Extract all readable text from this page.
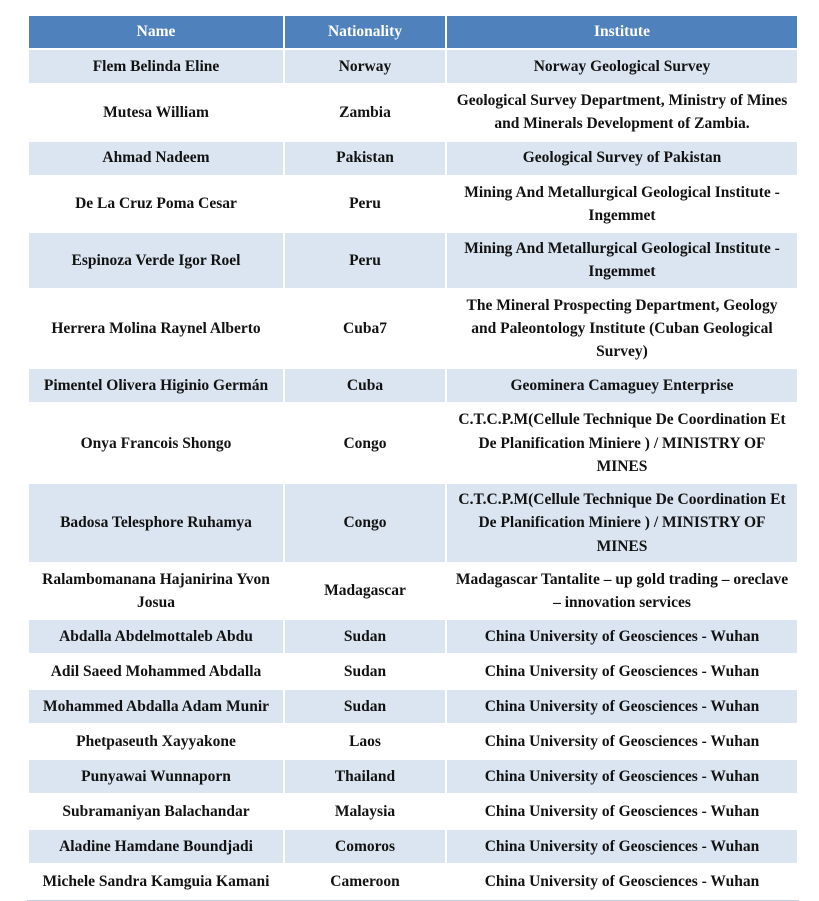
Name	Nationality	Institute
Flem Belinda Eline	Norway	Norway Geological Survey
Mutesa William	Zambia	Geological Survey Department, Ministry of Mines and Minerals Development of Zambia.
Ahmad Nadeem	Pakistan	Geological Survey of Pakistan
De La Cruz Poma Cesar	Peru	Mining And Metallurgical Geological Institute - Ingemmet
Espinoza Verde Igor Roel	Peru	Mining And Metallurgical Geological Institute - Ingemmet
Herrera Molina Raynel Alberto	Cuba7	The Mineral Prospecting Department, Geology and Paleontology Institute (Cuban Geological Survey)
Pimentel Olivera Higinio Germán	Cuba	Geominera Camaguey Enterprise
Onya Francois Shongo	Congo	C.T.C.P.M(Cellule Technique De Coordination Et De Planification Miniere ) / MINISTRY OF MINES
Badosa Telesphore Ruhamya	Congo	C.T.C.P.M(Cellule Technique De Coordination Et De Planification Miniere ) / MINISTRY OF MINES
Ralambomanana Hajanirina Yvon Josua	Madagascar	Madagascar Tantalite – up gold trading – oreclave – innovation services
Abdalla Abdelmottaleb Abdu	Sudan	China University of Geosciences - Wuhan
Adil Saeed Mohammed Abdalla	Sudan	China University of Geosciences - Wuhan
Mohammed Abdalla Adam Munir	Sudan	China University of Geosciences - Wuhan
Phetpaseuth Xayyakone	Laos	China University of Geosciences - Wuhan
Punyawai Wunnaporn	Thailand	China University of Geosciences - Wuhan
Subramaniyan Balachandar	Malaysia	China University of Geosciences - Wuhan
Aladine Hamdane Boundjadi	Comoros	China University of Geosciences - Wuhan
Michele Sandra Kamguia Kamani	Cameroon	China University of Geosciences - Wuhan
